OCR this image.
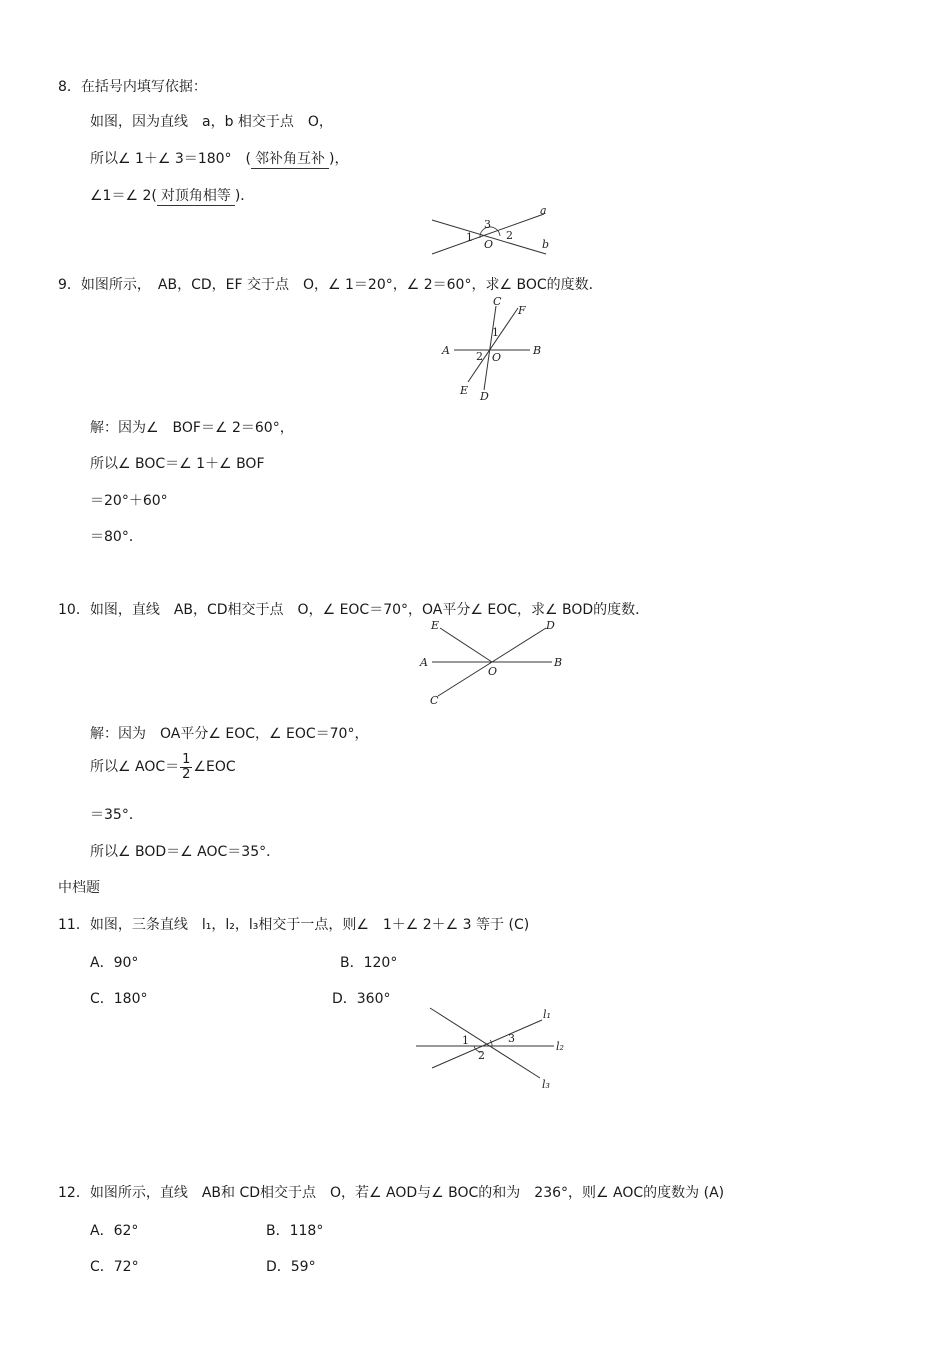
8．在括号内填写依据：
如图，因为直线　a，b 相交于点　O，
所以∠ 1＋∠ 3＝180°　( 邻补角互补 )，
∠1＝∠ 2( 对顶角相等 )．
a
b
O
1	2
3
9．如图所示，　AB，CD，EF 交于点　O，∠ 1＝20°，∠ 2＝60°，求∠ BOC的度数．
A	B
C
D
E
F
O
1
2
解：因为∠　BOF＝∠ 2＝60°，
所以∠ BOC＝∠ 1＋∠ BOF
＝20°＋60°
＝80°．
10．如图，直线　AB，CD相交于点　O，∠ EOC＝70°，OA平分∠ EOC，求∠ BOD的度数．
A	B
C
D
E
O
解：因为　OA平分∠ EOC，∠ EOC＝70°，
所以∠ $AOC= \frac{1}{2}$ ∠EOC
＝35°．
所以∠ BOD＝∠ AOC＝35°．
中档题
11．如图，三条直线　l₁，l₂，l₃相交于一点，则∠　1＋∠ 2＋∠ 3 等于 (C)
A．90°	B．120°
C．180°	D．360°
l₁
l₂
l₃
1
2
3
12．如图所示，直线　AB和 CD相交于点　O，若∠ AOD与∠ BOC的和为　236°，则∠ AOC的度数为 (A)
A．62°	B．118°
C．72°	D．59°
